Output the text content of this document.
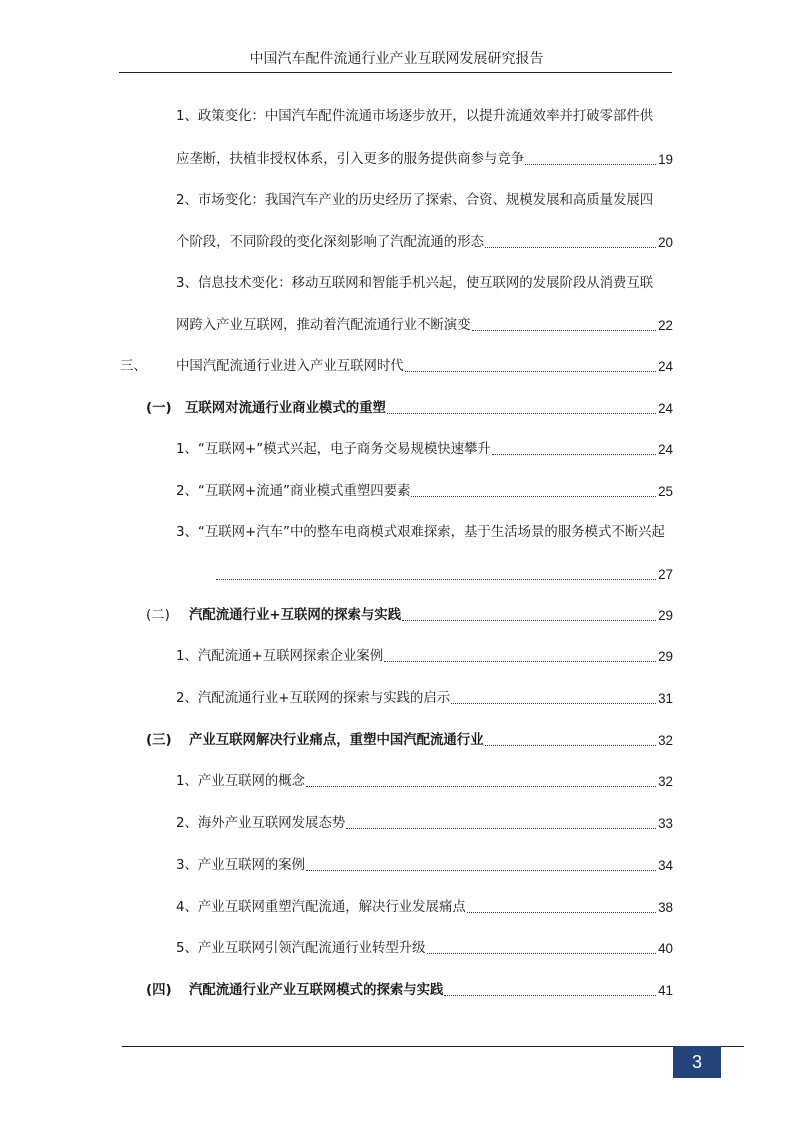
中国汽车配件流通行业产业互联网发展研究报告
1、政策变化：中国汽车配件流通市场逐步放开，以提升流通效率并打破零部件供
应垄断，扶植非授权体系，引入更多的服务提供商参与竞争	19
2、市场变化：我国汽车产业的历史经历了探索、合资、规模发展和高质量发展四
个阶段，不同阶段的变化深刻影响了汽配流通的形态	20
3、信息技术变化：移动互联网和智能手机兴起，使互联网的发展阶段从消费互联
网跨入产业互联网，推动着汽配流通行业不断演变	22
三、 中国汽配流通行业进入产业互联网时代	24
(一)　互联网对流通行业商业模式的重塑	24
1、“互联网+”模式兴起，电子商务交易规模快速攀升	24
2、“互联网+流通”商业模式重塑四要素	25
3、“互联网+汽车”中的整车电商模式艰难探索，基于生活场景的服务模式不断兴起
27
(二) 汽配流通行业+互联网的探索与实践	29
1、汽配流通+互联网探索企业案例	29
2、汽配流通行业+互联网的探索与实践的启示	31
(三) 产业互联网解决行业痛点，重塑中国汽配流通行业	32
1、产业互联网的概念	32
2、海外产业互联网发展态势	33
3、产业互联网的案例	34
4、产业互联网重塑汽配流通，解决行业发展痛点	38
5、产业互联网引领汽配流通行业转型升级	40
(四) 汽配流通行业产业互联网模式的探索与实践	41
3
